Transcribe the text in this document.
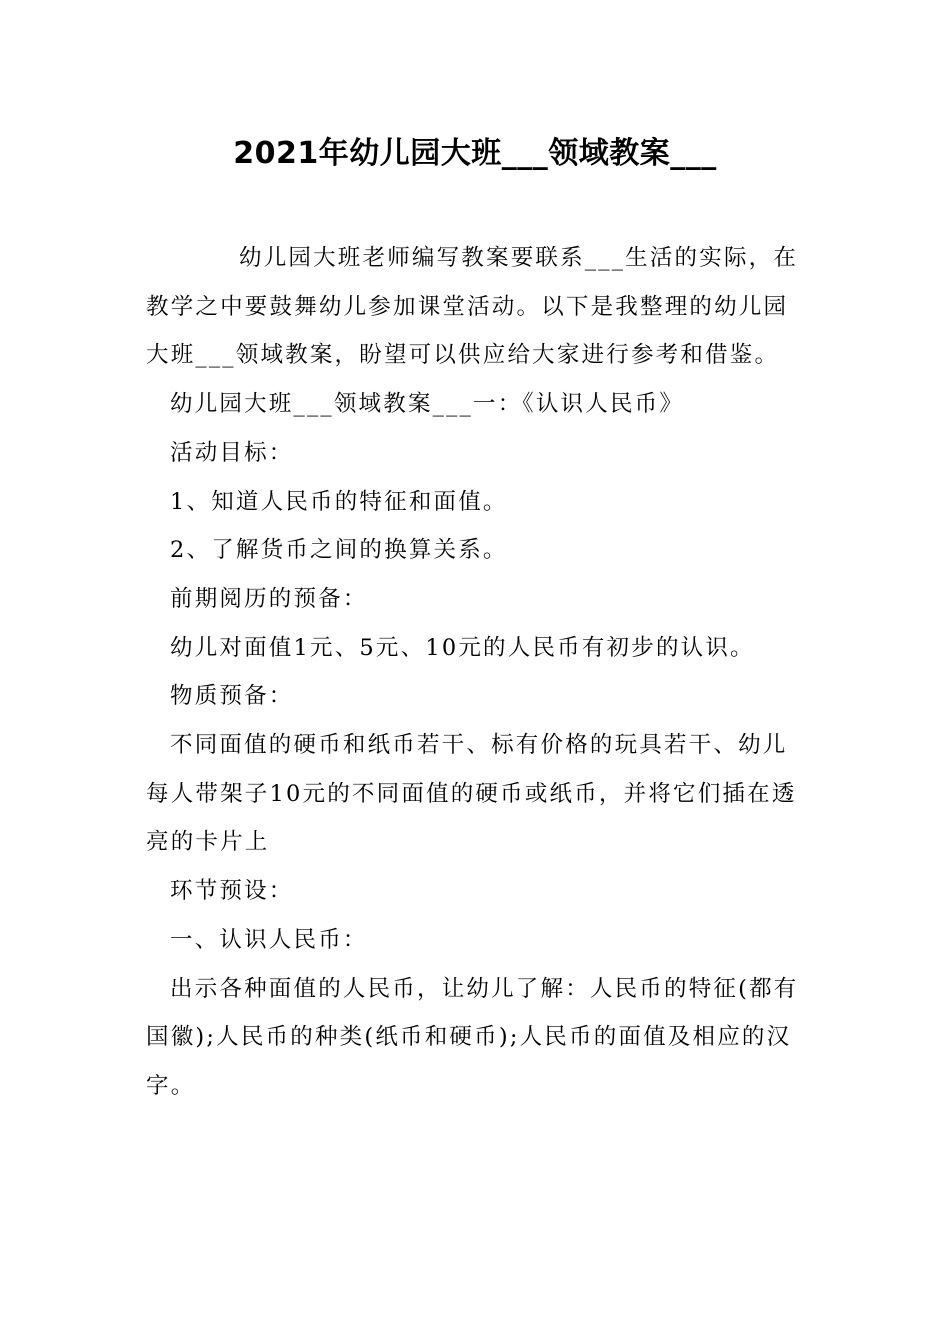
2021年幼儿园大班___领域教案___

幼儿园大班老师编写教案要联系___生活的实际，在教学之中要鼓舞幼儿参加课堂活动。以下是我整理的幼儿园大班___领域教案，盼望可以供应给大家进行参考和借鉴。

幼儿园大班___领域教案___一：《认识人民币》

活动目标：

1、知道人民币的特征和面值。

2、了解货币之间的换算关系。

前期阅历的预备：

幼儿对面值1元、5元、10元的人民币有初步的认识。

物质预备：

不同面值的硬币和纸币若干、标有价格的玩具若干、幼儿每人带架子10元的不同面值的硬币或纸币，并将它们插在透亮的卡片上

环节预设：

一、认识人民币：

出示各种面值的人民币，让幼儿了解：人民币的特征(都有国徽);人民币的种类(纸币和硬币);人民币的面值及相应的汉字。
